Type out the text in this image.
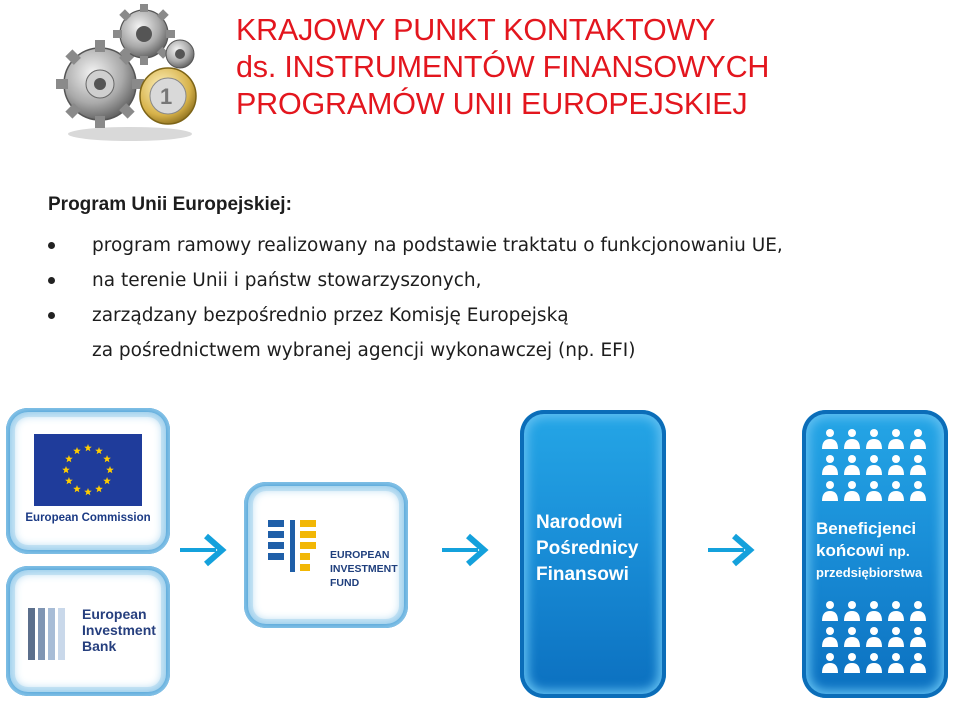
1
KRAJOWY PUNKT KONTAKTOWY
ds. INSTRUMENTÓW FINANSOWYCH
PROGRAMÓW UNII EUROPEJSKIEJ
Program Unii Europejskiej:
program ramowy realizowany na podstawie traktatu o funkcjonowaniu UE,
na terenie Unii i państw stowarzyszonych,
zarządzany bezpośrednio przez Komisję Europejską
za pośrednictwem wybranej agencji wykonawczej (np. EFI)
European Commission
European
Investment
Bank
EUROPEAN
INVESTMENT
FUND
Narodowi
Pośrednicy
Finansowi
Beneficjenci
końcowi np.
przedsiębiorstwa
